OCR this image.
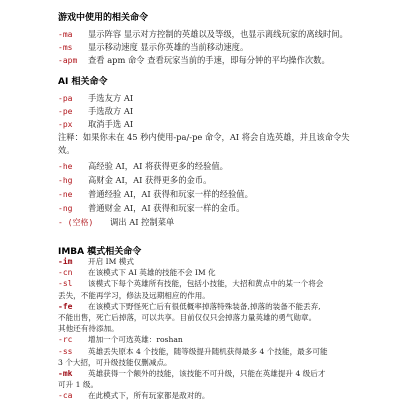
游戏中使用的相关命令
-ma 显示阵容 显示对方控制的英雄以及等级，也显示离线玩家的离线时间。
-ms 显示移动速度 显示你英雄的当前移动速度。
-apm 查看 apm 命令 查看玩家当前的手速，即每分钟的平均操作次数。
AI 相关命令
-pa 手选友方 AI
-pe 手选敌方 AI
-px 取消手选 AI
注释：如果你未在 45 秒内使用-pa/-pe 命令，AI 将会自选英雄，并且该命令失
效。
-he 高经验 AI，AI 将获得更多的经验值。
-hg 高财金 AI，AI 获得更多的金币。
-ne 普通经验 AI，AI 获得和玩家一样的经验值。
-ng 普通财金 AI，AI 获得和玩家一样的金币。
- (空格) 调出 AI 控制菜单
IMBA 模式相关命令
-im 开启 IM 模式
-cn 在该模式下 AI 英雄的技能不会 IM 化
-sl 该模式下每个英雄所有技能，包括小技能，大招和黄点中的某一个将会
丢失，不能再学习，修法及远期相应的作用。
-fe 在该模式下野怪死亡后有很低概率掉落特殊装备,掉落的装备不能丢弃,
不能出售，死亡后掉落，可以共享。目前仅仅只会掉落力量英雄的勇气勋章。
其他还有待添加。
-rc 增加一个可选英雄：roshan
-ss 英雄丢失原本 4 个技能，随等级提升随机获得最多 4 个技能，最多可能
3 个大招，可升级技能仅删减点。
-mk 英雄获得一个额外的技能，该技能不可升级，只能在英雄提升 4 级后才
可升 1 级。
-ca 在此模式下，所有玩家都是敌对的。
